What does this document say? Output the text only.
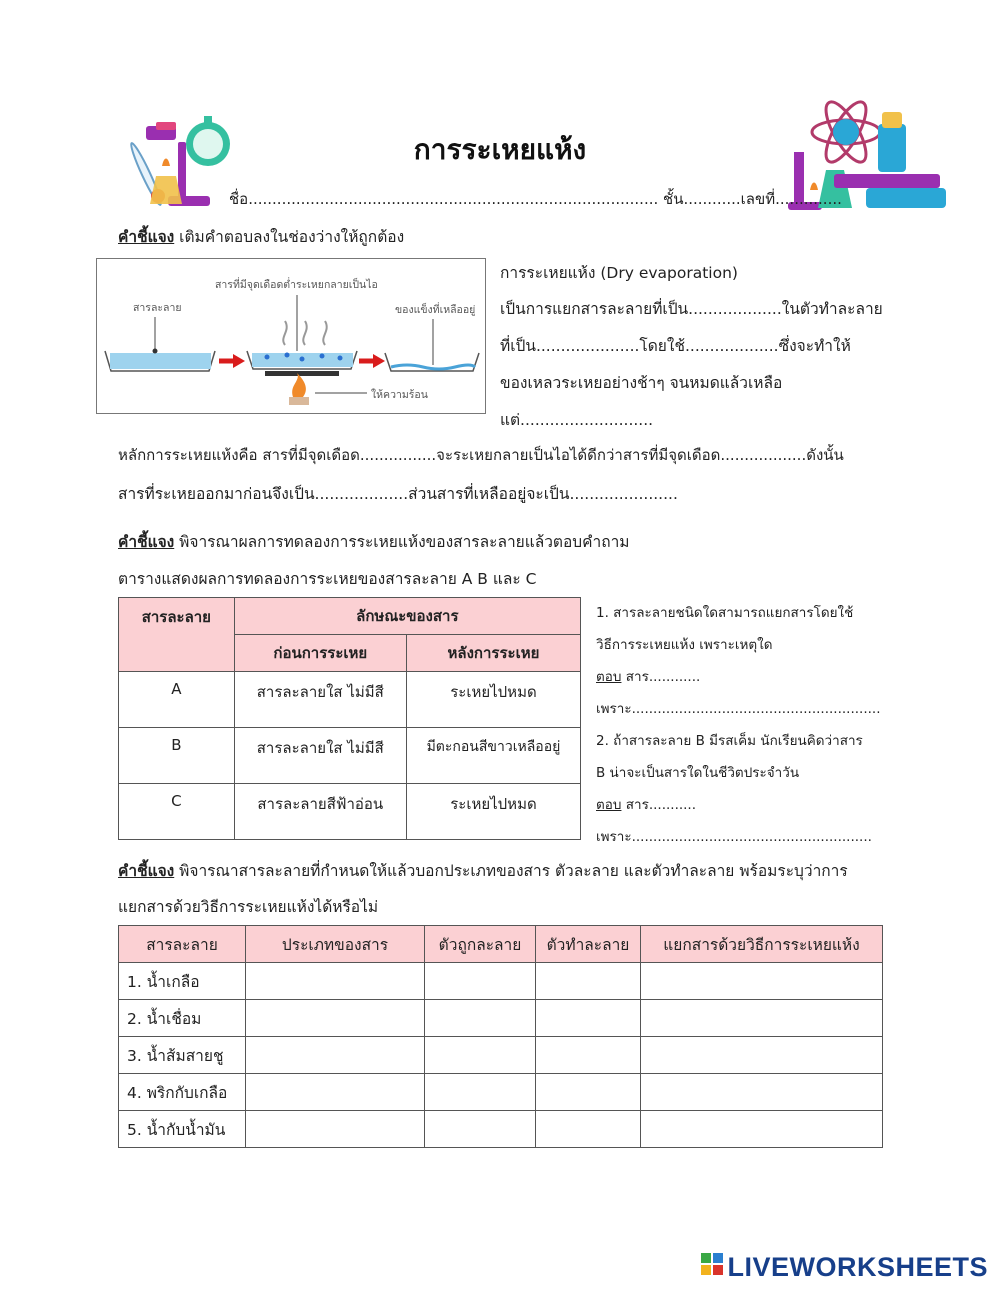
การระเหยแห้ง
ชื่อ...................................................................................... ชั้น............เลขที่..............
คำชี้แจง เติมคำตอบลงในช่องว่างให้ถูกต้อง
สารละลาย
สารที่มีจุดเดือดต่ำระเหยกลายเป็นไอ
ของแข็งที่เหลืออยู่
ให้ความร้อน
การระเหยแห้ง (Dry evaporation)
เป็นการแยกสารละลายที่เป็น...................ในตัวทำละลาย
ที่เป็น.....................โดยใช้...................ซึ่งจะทำให้
ของเหลวระเหยอย่างช้าๆ จนหมดแล้วเหลือ
แต่...........................
หลักการระเหยแห้งคือ สารที่มีจุดเดือด................จะระเหยกลายเป็นไอได้ดีกว่าสารที่มีจุดเดือด..................ดังนั้น
สารที่ระเหยออกมาก่อนจึงเป็น...................ส่วนสารที่เหลืออยู่จะเป็น......................
คำชี้แจง พิจารณาผลการทดลองการระเหยแห้งของสารละลายแล้วตอบคำถาม
ตารางแสดงผลการทดลองการระเหยของสารละลาย A B และ C
สารละลาย	ลักษณะของสาร	
	ก่อนการระเหย	หลังการระเหย
A	สารละลายใส ไม่มีสี	ระเหยไปหมด
B	สารละลายใส ไม่มีสี	มีตะกอนสีขาวเหลืออยู่
C	สารละลายสีฟ้าอ่อน	ระเหยไปหมด
1. สารละลายชนิดใดสามารถแยกสารโดยใช้
วิธีการระเหยแห้ง เพราะเหตุใด
ตอบ สาร............
เพราะ..........................................................
2. ถ้าสารละลาย B มีรสเค็ม นักเรียนคิดว่าสาร
B น่าจะเป็นสารใดในชีวิตประจำวัน
ตอบ สาร...........
เพราะ........................................................
คำชี้แจง พิจารณาสารละลายที่กำหนดให้แล้วบอกประเภทของสาร ตัวละลาย และตัวทำละลาย พร้อมระบุว่าการ
แยกสารด้วยวิธีการระเหยแห้งได้หรือไม่
สารละลาย	ประเภทของสาร	ตัวถูกละลาย	ตัวทำละลาย	แยกสารด้วยวิธีการระเหยแห้ง
1. น้ำเกลือ				
2. น้ำเชื่อม				
3. น้ำส้มสายชู				
4. พริกกับเกลือ				
5. น้ำกับน้ำมัน				
LIVEWORKSHEETS
